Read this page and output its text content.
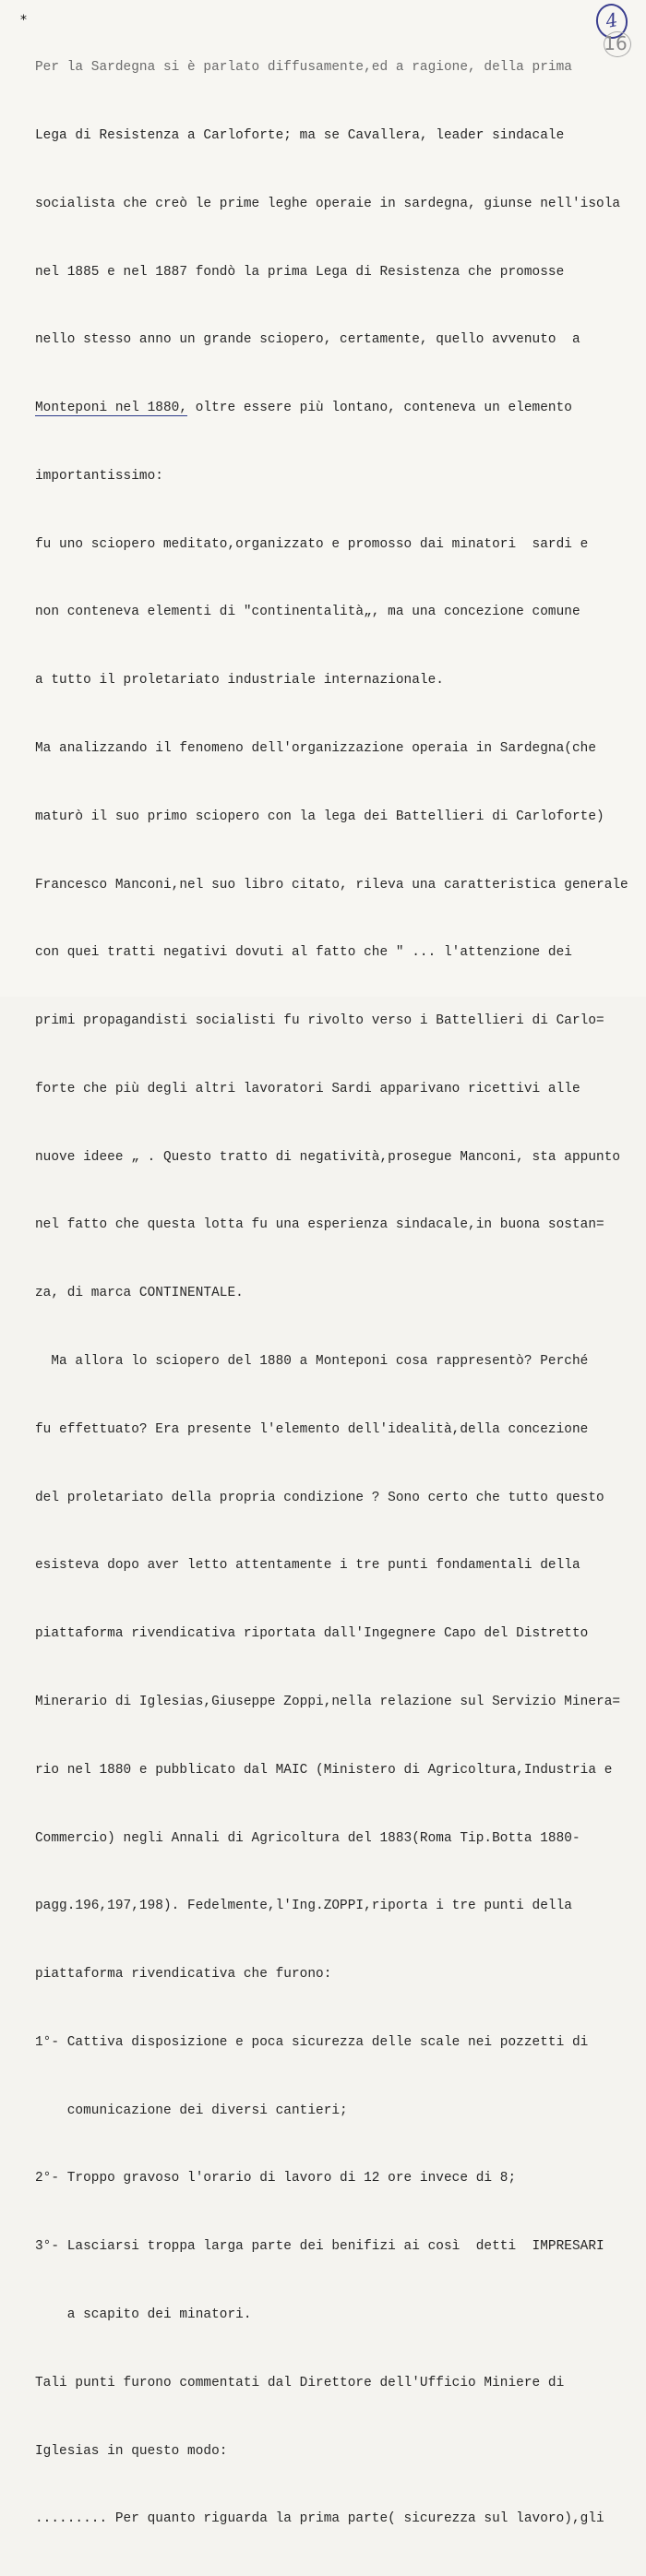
*	4
16

Per la Sardegna si è parlato diffusamente,ed a ragione, della prima

Lega di Resistenza a Carloforte; ma se Cavallera, leader sindacale

socialista che creò le prime leghe operaie in sardegna, giunse nell'isola

nel 1885 e nel 1887 fondò la prima Lega di Resistenza che promosse

nello stesso anno un grande sciopero, certamente, quello avvenuto  a

Monteponi nel 1880, oltre essere più lontano, conteneva un elemento

importantissimo:

fu uno sciopero meditato,organizzato e promosso dai minatori  sardi e

non conteneva elementi di "continentalità„, ma una concezione comune

a tutto il proletariato industriale internazionale.

Ma analizzando il fenomeno dell'organizzazione operaia in Sardegna(che

maturò il suo primo sciopero con la lega dei Battellieri di Carloforte)

Francesco Manconi,nel suo libro citato, rileva una caratteristica generale

con quei tratti negativi dovuti al fatto che " ... l'attenzione dei

primi propagandisti socialisti fu rivolto verso i Battellieri di Carlo=

forte che più degli altri lavoratori Sardi apparivano ricettivi alle

nuove ideee „ . Questo tratto di negatività,prosegue Manconi, sta appunto

nel fatto che questa lotta fu una esperienza sindacale,in buona sostan=

za, di marca CONTINENTALE.

Ma allora lo sciopero del 1880 a Monteponi cosa rappresentò? Perché

fu effettuato? Era presente l'elemento dell'idealità,della concezione

del proletariato della propria condizione ? Sono certo che tutto questo

esisteva dopo aver letto attentamente i tre punti fondamentali della

piattaforma rivendicativa riportata dall'Ingegnere Capo del Distretto

Minerario di Iglesias,Giuseppe Zoppi,nella relazione sul Servizio Minera=

rio nel 1880 e pubblicato dal MAIC (Ministero di Agricoltura,Industria e

Commercio) negli Annali di Agricoltura del 1883(Roma Tip.Botta 1880-

pagg.196,197,198). Fedelmente,l'Ing.ZOPPI,riporta i tre punti della

piattaforma rivendicativa che furono:

1°- Cattiva disposizione e poca sicurezza delle scale nei pozzetti di

comunicazione dei diversi cantieri;

2°- Troppo gravoso l'orario di lavoro di 12 ore invece di 8;

3°- Lasciarsi troppa larga parte dei benifizi ai così  detti  IMPRESARI

a scapito dei minatori.

Tali punti furono commentati dal Direttore dell'Ufficio Miniere di

Iglesias in questo modo:

......... Per quanto riguarda la prima parte( sicurezza sul lavoro),gli
